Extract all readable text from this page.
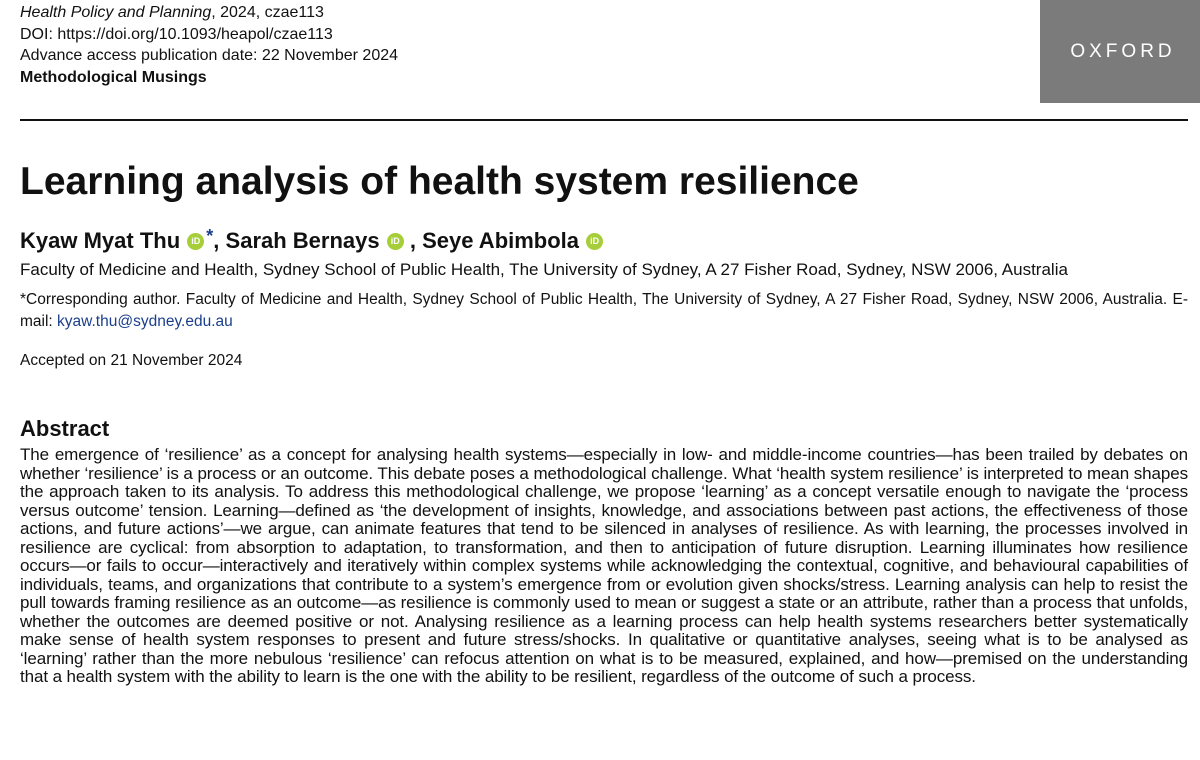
Health Policy and Planning, 2024, czae113
DOI: https://doi.org/10.1093/heapol/czae113
Advance access publication date: 22 November 2024
Methodological Musings
OXFORD
Learning analysis of health system resilience
Kyaw Myat Thu iD *, Sarah Bernays iD , Seye Abimbola iD
Faculty of Medicine and Health, Sydney School of Public Health, The University of Sydney, A 27 Fisher Road, Sydney, NSW 2006, Australia
*Corresponding author. Faculty of Medicine and Health, Sydney School of Public Health, The University of Sydney, A 27 Fisher Road, Sydney, NSW 2006, Australia. E-mail: kyaw.thu@sydney.edu.au
Accepted on 21 November 2024
Abstract

The emergence of ‘resilience’ as a concept for analysing health systems—especially in low- and middle-income countries—has been trailed by debates on whether ‘resilience’ is a process or an outcome. This debate poses a methodological challenge. What ‘health system resilience’ is interpreted to mean shapes the approach taken to its analysis. To address this methodological challenge, we propose ‘learning’ as a concept versatile enough to navigate the ‘process versus outcome’ tension. Learning—defined as ‘the development of insights, knowledge, and associations between past actions, the effectiveness of those actions, and future actions’—we argue, can animate features that tend to be silenced in analyses of resilience. As with learning, the processes involved in resilience are cyclical: from absorption to adaptation, to transformation, and then to anticipation of future disruption. Learning illuminates how resilience occurs—or fails to occur—interactively and iteratively within complex systems while acknowledging the contextual, cognitive, and behavioural capabilities of individuals, teams, and organizations that contribute to a system’s emergence from or evolution given shocks/stress. Learning analysis can help to resist the pull towards framing resilience as an outcome—as resilience is commonly used to mean or suggest a state or an attribute, rather than a process that unfolds, whether the outcomes are deemed positive or not. Analysing resilience as a learning process can help health systems researchers better systematically make sense of health system responses to present and future stress/shocks. In qualitative or quantitative analyses, seeing what is to be analysed as ‘learning’ rather than the more nebulous ‘resilience’ can refocus attention on what is to be measured, explained, and how—premised on the understanding that a health system with the ability to learn is the one with the ability to be resilient, regardless of the outcome of such a process.
